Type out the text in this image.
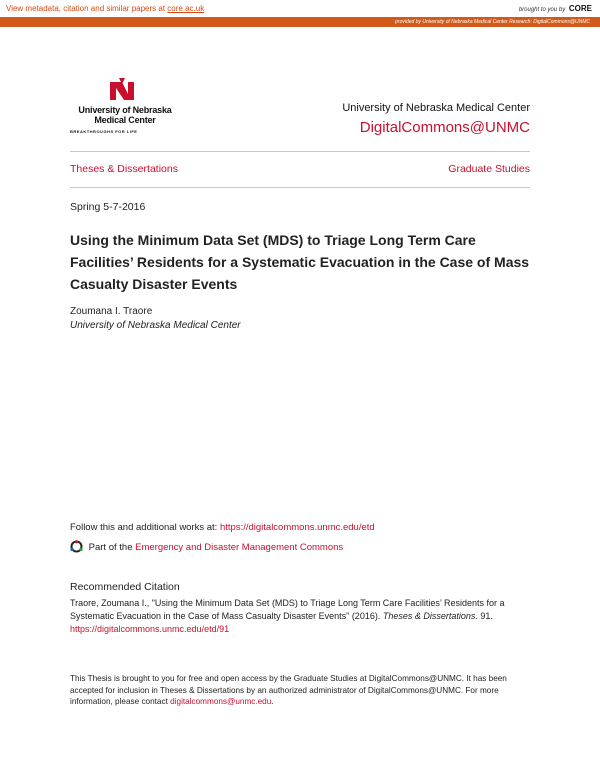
View metadata, citation and similar papers at core.ac.uk	brought to you by CORE
provided by University of Nebraska Medical Center Research: DigitalCommons@UNMC
University of Nebraska
Medical Center
BREAKTHROUGHS FOR LIFE
University of Nebraska Medical Center
DigitalCommons@UNMC
Theses & Dissertations	Graduate Studies
Spring 5-7-2016
Using the Minimum Data Set (MDS) to Triage Long Term Care Facilities’ Residents for a Systematic Evacuation in the Case of Mass Casualty Disaster Events
Zoumana I. Traore
University of Nebraska Medical Center
Follow this and additional works at: https://digitalcommons.unmc.edu/etd
Part of the Emergency and Disaster Management Commons
Recommended Citation
Traore, Zoumana I., "Using the Minimum Data Set (MDS) to Triage Long Term Care Facilities’ Residents for a Systematic Evacuation in the Case of Mass Casualty Disaster Events" (2016). Theses & Dissertations. 91.
https://digitalcommons.unmc.edu/etd/91
This Thesis is brought to you for free and open access by the Graduate Studies at DigitalCommons@UNMC. It has been accepted for inclusion in Theses & Dissertations by an authorized administrator of DigitalCommons@UNMC. For more information, please contact digitalcommons@unmc.edu.
